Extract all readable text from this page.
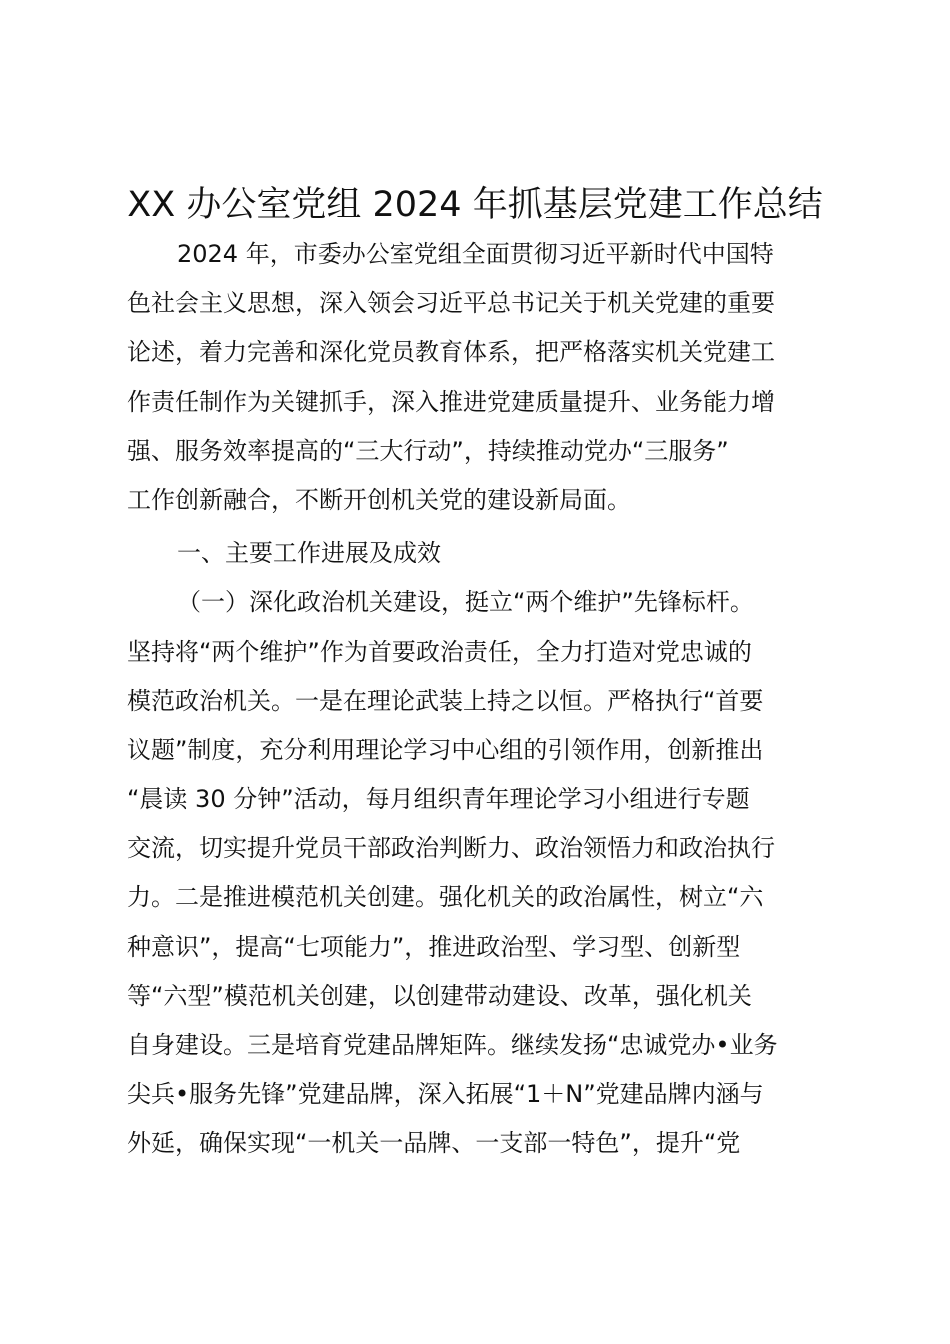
XX 办公室党组 2024 年抓基层党建工作总结
2024 年，市委办公室党组全面贯彻习近平新时代中国特
色社会主义思想，深入领会习近平总书记关于机关党建的重要
论述，着力完善和深化党员教育体系，把严格落实机关党建工
作责任制作为关键抓手，深入推进党建质量提升、业务能力增
强、服务效率提高的“三大行动”，持续推动党办“三服务”
工作创新融合，不断开创机关党的建设新局面。
一、主要工作进展及成效
（一）深化政治机关建设，挺立“两个维护”先锋标杆。
坚持将“两个维护”作为首要政治责任，全力打造对党忠诚的
模范政治机关。一是在理论武装上持之以恒。严格执行“首要
议题”制度，充分利用理论学习中心组的引领作用，创新推出
“晨读 30 分钟”活动，每月组织青年理论学习小组进行专题
交流，切实提升党员干部政治判断力、政治领悟力和政治执行
力。二是推进模范机关创建。强化机关的政治属性，树立“六
种意识”，提高“七项能力”，推进政治型、学习型、创新型
等“六型”模范机关创建，以创建带动建设、改革，强化机关
自身建设。三是培育党建品牌矩阵。继续发扬“忠诚党办•业务
尖兵•服务先锋”党建品牌，深入拓展“1＋N”党建品牌内涵与
外延，确保实现“一机关一品牌、一支部一特色”，提升“党
